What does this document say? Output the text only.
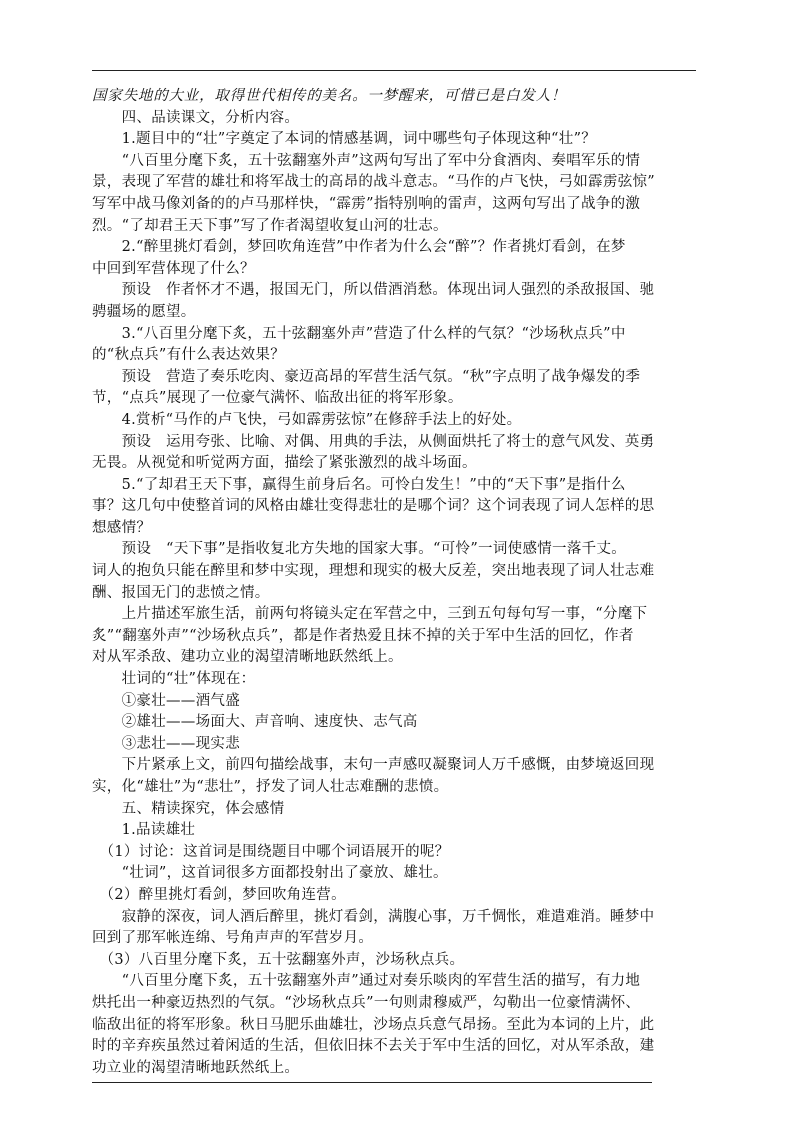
国家失地的大业，取得世代相传的美名。一梦醒来，可惜已是白发人！
　　四、品读课文，分析内容。
　　1.题目中的“壮”字奠定了本词的情感基调，词中哪些句子体现这种“壮”？
　　“八百里分麾下炙，五十弦翻塞外声”这两句写出了军中分食酒肉、奏唱军乐的情
景，表现了军营的雄壮和将军战士的高昂的战斗意志。“马作的卢飞快，弓如霹雳弦惊”
写军中战马像刘备的的卢马那样快，“霹雳”指特别响的雷声，这两句写出了战争的激
烈。“了却君王天下事”写了作者渴望收复山河的壮志。
　　2.“醉里挑灯看剑，梦回吹角连营”中作者为什么会“醉”？作者挑灯看剑，在梦
中回到军营体现了什么？
　　预设　作者怀才不遇，报国无门，所以借酒消愁。体现出词人强烈的杀敌报国、驰
骋疆场的愿望。
　　3.“八百里分麾下炙，五十弦翻塞外声”营造了什么样的气氛？“沙场秋点兵”中
的“秋点兵”有什么表达效果？
　　预设　营造了奏乐吃肉、豪迈高昂的军营生活气氛。“秋”字点明了战争爆发的季
节，“点兵”展现了一位豪气满怀、临敌出征的将军形象。
　　4.赏析“马作的卢飞快，弓如霹雳弦惊”在修辞手法上的好处。
　　预设　运用夸张、比喻、对偶、用典的手法，从侧面烘托了将士的意气风发、英勇
无畏。从视觉和听觉两方面，描绘了紧张激烈的战斗场面。
　　5.“了却君王天下事，赢得生前身后名。可怜白发生！”中的“天下事”是指什么
事？这几句中使整首词的风格由雄壮变得悲壮的是哪个词？这个词表现了词人怎样的思
想感情？
　　预设　“天下事”是指收复北方失地的国家大事。“可怜”一词使感情一落千丈。
词人的抱负只能在醉里和梦中实现，理想和现实的极大反差，突出地表现了词人壮志难
酬、报国无门的悲愤之情。
　　上片描述军旅生活，前两句将镜头定在军营之中，三到五句每句写一事，“分麾下
炙”“翻塞外声”“沙场秋点兵”，都是作者热爱且抹不掉的关于军中生活的回忆，作者
对从军杀敌、建功立业的渴望清晰地跃然纸上。
　　壮词的“壮”体现在：
　　①豪壮——酒气盛
　　②雄壮——场面大、声音响、速度快、志气高
　　③悲壮——现实悲
　　下片紧承上文，前四句描绘战事，末句一声感叹凝聚词人万千感慨，由梦境返回现
实，化“雄壮”为“悲壮”，抒发了词人壮志难酬的悲愤。
　　五、精读探究，体会感情
　　1.品读雄壮
　（1）讨论：这首词是围绕题目中哪个词语展开的呢？
　　“壮词”，这首词很多方面都投射出了豪放、雄壮。
　（2）醉里挑灯看剑，梦回吹角连营。
　　寂静的深夜，词人酒后醉里，挑灯看剑，满腹心事，万千惆怅，难遣难消。睡梦中
回到了那军帐连绵、号角声声的军营岁月。
　（3）八百里分麾下炙，五十弦翻塞外声，沙场秋点兵。
　　“八百里分麾下炙，五十弦翻塞外声”通过对奏乐啖肉的军营生活的描写，有力地
烘托出一种豪迈热烈的气氛。“沙场秋点兵”一句则肃穆威严，勾勒出一位豪情满怀、
临敌出征的将军形象。秋日马肥乐曲雄壮，沙场点兵意气昂扬。至此为本词的上片，此
时的辛弃疾虽然过着闲适的生活，但依旧抹不去关于军中生活的回忆，对从军杀敌，建
功立业的渴望清晰地跃然纸上。
